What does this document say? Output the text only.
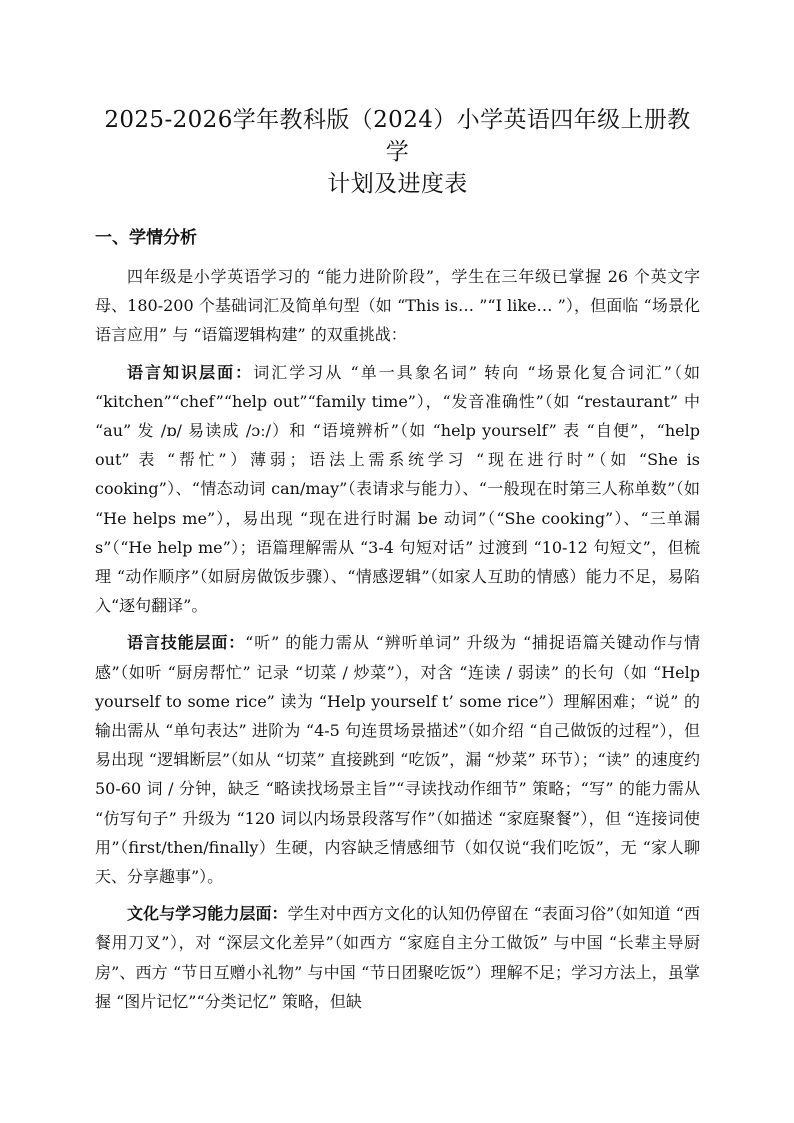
2025-2026学年教科版（2024）小学英语四年级上册教学
计划及进度表
一、学情分析

四年级是小学英语学习的 “能力进阶阶段”，学生在三年级已掌握 26 个英文字母、180-200 个基础词汇及简单句型（如 “This is… ”“I like… ”），但面临 “场景化语言应用” 与 “语篇逻辑构建” 的双重挑战：

语言知识层面：词汇学习从 “单一具象名词” 转向 “场景化复合词汇”（如 “kitchen”“chef”“help out”“family time”），“发音准确性”（如 “restaurant” 中 “au” 发 /ɒ/ 易读成 /ɔː/）和 “语境辨析”（如 “help yourself” 表 “自便”，“help out” 表 “帮忙”）薄弱；语法上需系统学习 “现在进行时”（如 “She is cooking”）、“情态动词 can/may”（表请求与能力）、“一般现在时第三人称单数”（如 “He helps me”），易出现 “现在进行时漏 be 动词”（“She cooking”）、“三单漏 s”（“He help me”）；语篇理解需从 “3-4 句短对话” 过渡到 “10-12 句短文”，但梳理 “动作顺序”（如厨房做饭步骤）、“情感逻辑”（如家人互助的情感）能力不足，易陷入“逐句翻译”。

语言技能层面：“听” 的能力需从 “辨听单词” 升级为 “捕捉语篇关键动作与情感”（如听 “厨房帮忙” 记录 “切菜 / 炒菜”），对含 “连读 / 弱读” 的长句（如 “Help yourself to some rice” 读为 “Help yourself t’ some rice”）理解困难；“说” 的输出需从 “单句表达” 进阶为 “4-5 句连贯场景描述”（如介绍 “自己做饭的过程”），但易出现 “逻辑断层”（如从 “切菜” 直接跳到 “吃饭”，漏 “炒菜” 环节）；“读” 的速度约 50-60 词 / 分钟，缺乏 “略读找场景主旨”“寻读找动作细节” 策略；“写” 的能力需从 “仿写句子” 升级为 “120 词以内场景段落写作”（如描述 “家庭聚餐”），但 “连接词使用”（first/then/finally）生硬，内容缺乏情感细节（如仅说“我们吃饭”，无 “家人聊天、分享趣事”）。

文化与学习能力层面：学生对中西方文化的认知仍停留在 “表面习俗”（如知道 “西餐用刀叉”），对 “深层文化差异”（如西方 “家庭自主分工做饭” 与中国 “长辈主导厨房”、西方 “节日互赠小礼物” 与中国 “节日团聚吃饭”）理解不足；学习方法上，虽掌握 “图片记忆”“分类记忆” 策略，但缺
